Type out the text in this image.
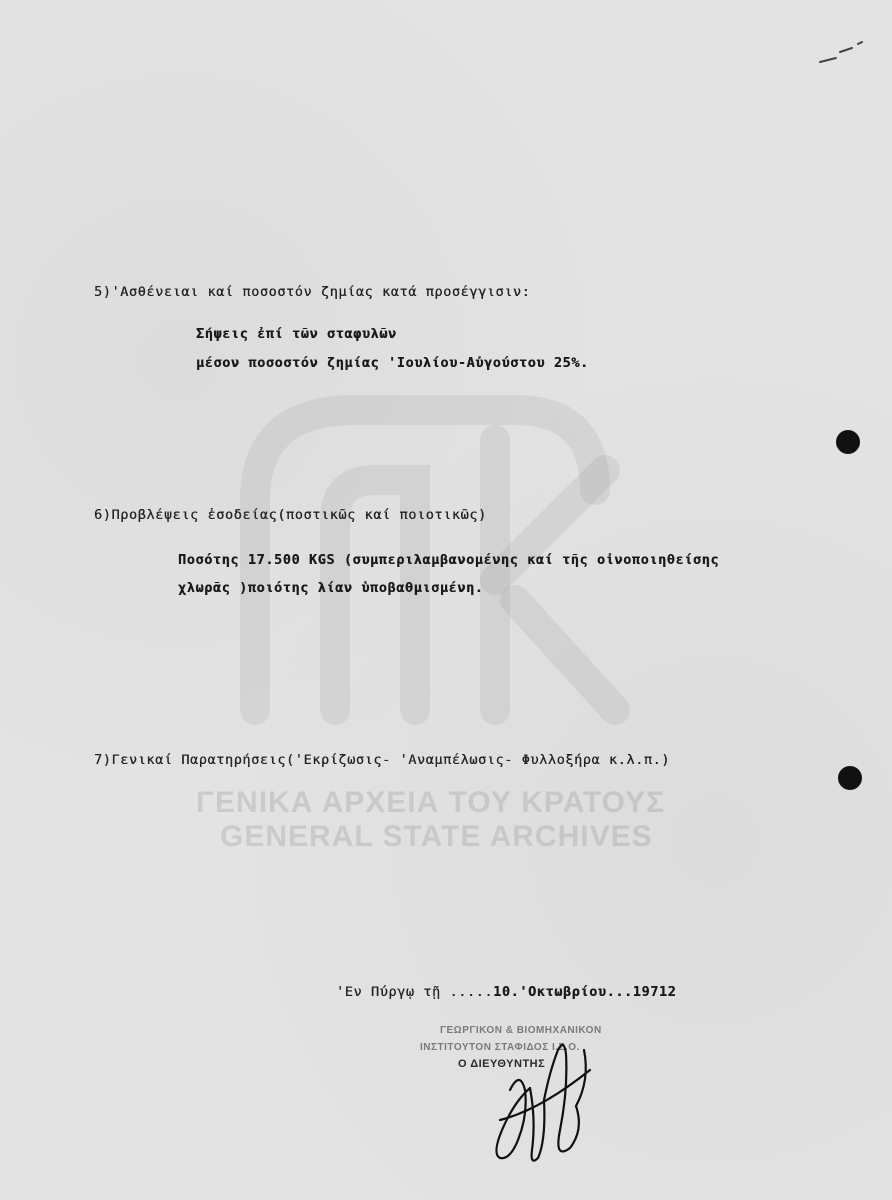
5)'Ασθένειαι καί ποσοστόν ζημίας κατά προσέγγισιν:
Σήψεις ἐπί τῶν σταφυλῶν
μέσον ποσοστόν ζημίας 'Ιουλίου-Αὐγούστου 25%.
6)Προβλέψεις ἐσοδείας(ποστικῶς καί ποιοτικῶς)
Ποσότης 17.500 KGS (συμπεριλαμβανομένης καί τῆς οἰνοποιηθείσης
χλωρᾶς )ποιότης λίαν ὑποβαθμισμένη.
7)Γενικαί Παρατηρήσεις('Εκρίζωσις- 'Αναμπέλωσις- Φυλλοξήρα κ.λ.π.)
ΓΕΝΙΚΑ ΑΡΧΕΙΑ ΤΟΥ ΚΡΑΤΟΥΣ
GENERAL STATE ARCHIVES
'Εν Πύργῳ τῇ .....10.'Οκτωβρίου...19712
ΓΕΩΡΓΙΚΟΝ & ΒΙΟΜΗΧΑΝΙΚΟΝ
ΙΝΣΤΙΤΟΥΤΟΝ ΣΤΑΦΙΔΟΣ Ι.Σ.Ο.
Ο ΔΙΕΥΘΥΝΤΗΣ
